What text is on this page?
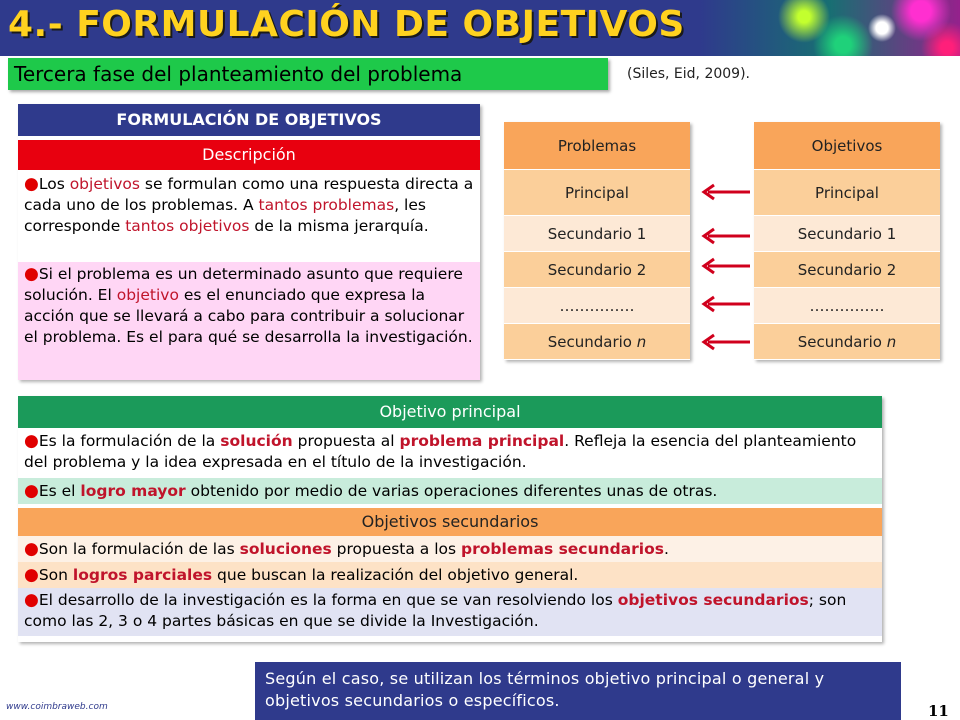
4.- FORMULACIÓN DE OBJETIVOS
Tercera fase del planteamiento del problema	(Siles, Eid, 2009).
FORMULACIÓN DE OBJETIVOS
Descripción
●Los objetivos se formulan como una respuesta directa a cada uno de los problemas. A tantos problemas, les corresponde tantos objetivos de la misma jerarquía.
●Si el problema es un determinado asunto que requiere solución. El objetivo es el enunciado que expresa la acción que se llevará a cabo para contribuir a solucionar el problema. Es el para qué se desarrolla la investigación.
Problemas
Principal
Secundario 1
Secundario 2
……………
Secundario n
Objetivos
Principal
Secundario 1
Secundario 2
……………
Secundario n
Objetivo principal
●Es la formulación de la solución propuesta al problema principal. Refleja la esencia del planteamiento del problema y la idea expresada en el título de la investigación.
●Es el logro mayor obtenido por medio de varias operaciones diferentes unas de otras.
Objetivos secundarios
●Son la formulación de las soluciones propuesta a los problemas secundarios.
●Son logros parciales que buscan la realización del objetivo general.
●El desarrollo de la investigación es la forma en que se van resolviendo los objetivos secundarios; son como las 2, 3 o 4 partes básicas en que se divide la Investigación.
Según el caso, se utilizan los términos objetivo principal o general y objetivos secundarios o específicos.
www.coimbraweb.com	11
